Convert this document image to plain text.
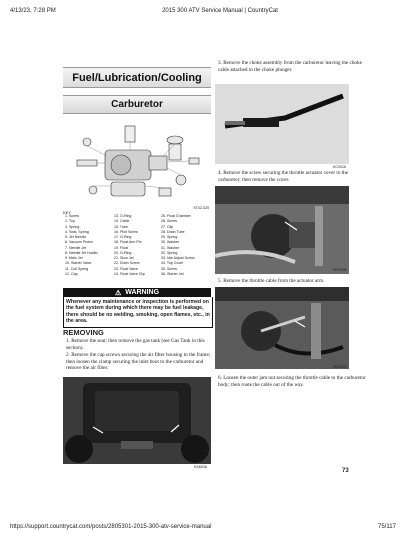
4/13/23, 7:28 PM	2015 300 ATV Service Manual | CountryCat
Fuel/Lubrication/Cooling
Carburetor
ST42-025
KEY
1. Screw
2. Top
3. Spring
4. Seat, Spring
5. Jet Needle
6. Vacuum Piston
7. Needle Jet
8. Needle Jet Holder
9. Main Jet
10. Starter Valve
11. Coil Spring
12. Cap
13. O-Ring
14. Cable
15. Tube
16. Pilot Screw
17. O-Ring
18. Float Arm Pin
19. Float
20. O-Ring
21. Slow Jet
22. Drain Screw
23. Float Valve
24. Float Valve Clip
25. Float Chamber
26. Screw
27. Clip
28. Drain Tube
29. Spring
30. Washer
31. Washer
32. Spring
33. Idle Adjust Screw
34. Top Cover
35. Screw
36. Starter Jet
⚠ WARNING
Whenever any maintenance or inspection is performed on the fuel system during which there may be fuel leakage, there should be no welding, smoking, open flames, etc., in the area.
REMOVING
1. Remove the seat; then remove the gas tank (see Gas Tank in this section).
2. Remove the cap screws securing the air filter housing to the frame; then loosen the clamp securing the inlet boot to the carburetor and remove the air filter.
KX820A
3. Remove the choke assembly from the carburetor leaving the choke cable attached to the choke plunger.
KC0016
4. Remove the screw securing the throttle actuator cover to the carburetor; then remove the cover.
PR194B
5. Remove the throttle cable from the actuator arm.
PR162C
6. Loosen the outer jam nut securing the throttle cable to the carburetor body; then route the cable out of the way.
73
https://support.countrycat.com/posts/2805301-2015-300-atv-service-manual	75/117
